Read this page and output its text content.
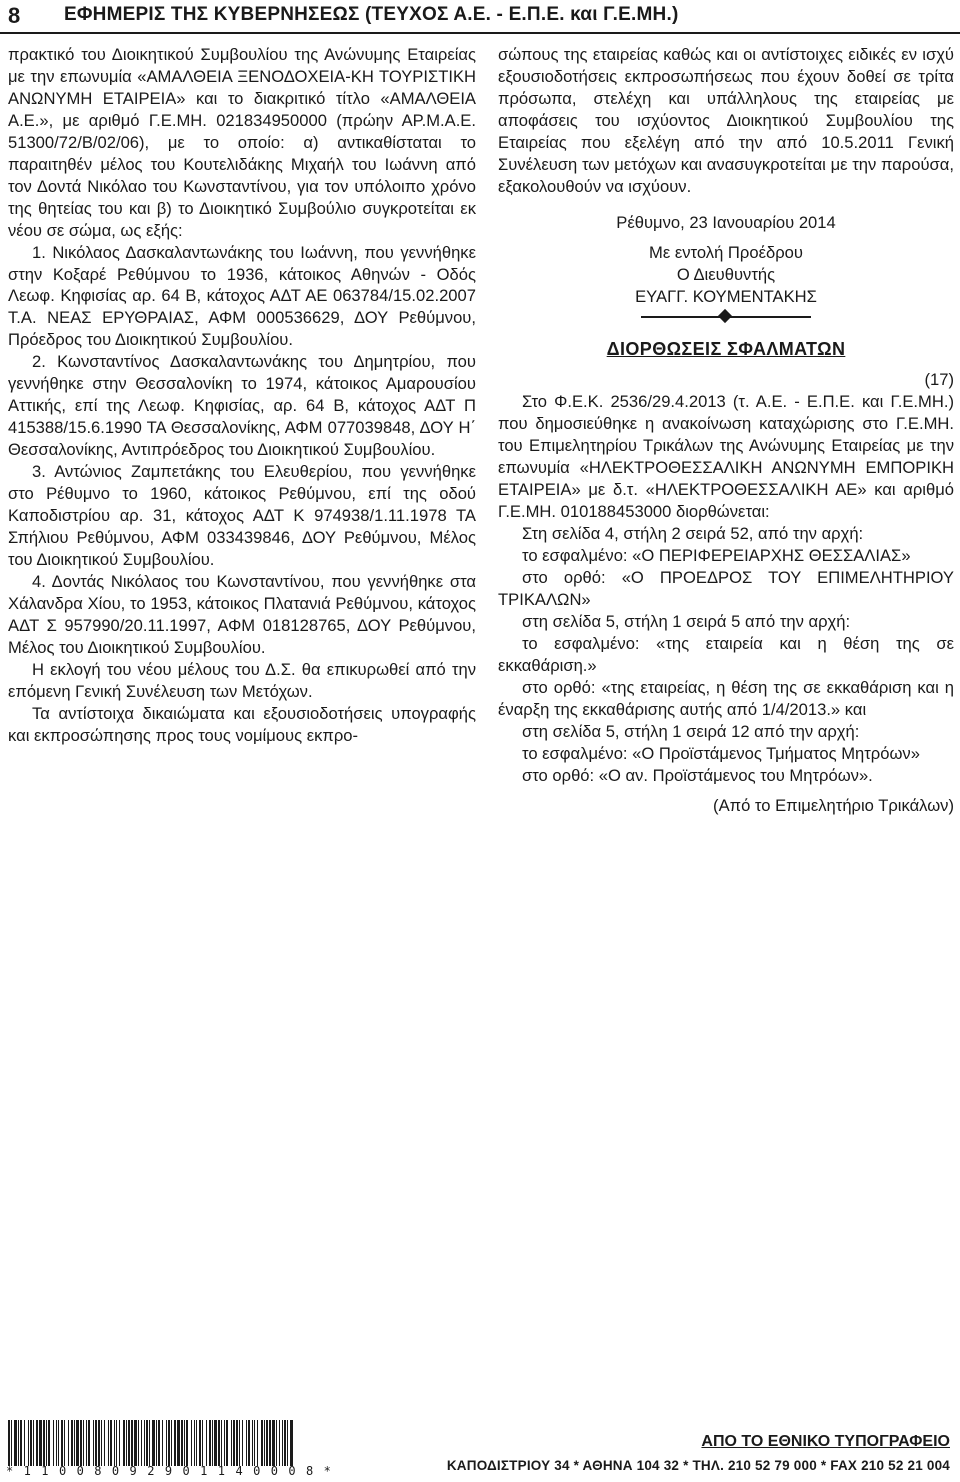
8 ΕΦΗΜΕΡΙΣ ΤΗΣ ΚΥΒΕΡΝΗΣΕΩΣ (ΤΕΥΧΟΣ Α.Ε. - Ε.Π.Ε. και Γ.Ε.ΜΗ.)

πρακτικό του Διοικητικού Συμβουλίου της Ανώνυμης Εταιρείας με την επωνυμία «ΑΜΑΛΘΕΙΑ ΞΕΝΟΔΟΧΕΙΑ-ΚΗ ΤΟΥΡΙΣΤΙΚΗ ΑΝΩΝΥΜΗ ΕΤΑΙΡΕΙΑ» και το διακριτικό τίτλο «ΑΜΑΛΘΕΙΑ Α.Ε.», με αριθμό Γ.Ε.ΜΗ. 021834950000 (πρώην ΑΡ.Μ.Α.Ε. 51300/72/Β/02/06), με το οποίο: α) αντικαθίσταται το παραιτηθέν μέλος του Κουτελιδάκης Μιχαήλ του Ιωάννη από τον Δοντά Νικόλαο του Κωνσταντίνου, για τον υπόλοιπο χρόνο της θητείας του και β) το Διοικητικό Συμβούλιο συγκροτείται εκ νέου σε σώμα, ως εξής:

1. Νικόλαος Δασκαλαντωνάκης του Ιωάννη, που γεννήθηκε στην Κοξαρέ Ρεθύμνου το 1936, κάτοικος Αθηνών - Οδός Λεωφ. Κηφισίας αρ. 64 Β, κάτοχος ΑΔΤ ΑΕ 063784/15.02.2007 Τ.Α. ΝΕΑΣ ΕΡΥΘΡΑΙΑΣ, ΑΦΜ 000536629, ΔΟΥ Ρεθύμνου, Πρόεδρος του Διοικητικού Συμβουλίου.

2. Κωνσταντίνος Δασκαλαντωνάκης του Δημητρίου, που γεννήθηκε στην Θεσσαλονίκη το 1974, κάτοικος Αμαρουσίου Αττικής, επί της Λεωφ. Κηφισίας, αρ. 64 Β, κάτοχος ΑΔΤ Π 415388/15.6.1990 ΤΑ Θεσσαλονίκης, ΑΦΜ 077039848, ΔΟΥ Η΄ Θεσσαλονίκης, Αντιπρόεδρος του Διοικητικού Συμβουλίου.

3. Αντώνιος Ζαμπετάκης του Ελευθερίου, που γεννήθηκε στο Ρέθυμνο το 1960, κάτοικος Ρεθύμνου, επί της οδού Καποδιστρίου αρ. 31, κάτοχος ΑΔΤ Κ 974938/1.11.1978 ΤΑ Σπήλιου Ρεθύμνου, ΑΦΜ 033439846, ΔΟΥ Ρεθύμνου, Μέλος του Διοικητικού Συμβουλίου.

4. Δοντάς Νικόλαος του Κωνσταντίνου, που γεννήθηκε στα Χάλανδρα Χίου, το 1953, κάτοικος Πλατανιά Ρεθύμνου, κάτοχος ΑΔΤ Σ 957990/20.11.1997, ΑΦΜ 018128765, ΔΟΥ Ρεθύμνου, Μέλος του Διοικητικού Συμβουλίου.

Η εκλογή του νέου μέλους του Δ.Σ. θα επικυρωθεί από την επόμενη Γενική Συνέλευση των Μετόχων.

Τα αντίστοιχα δικαιώματα και εξουσιοδοτήσεις υπογραφής και εκπροσώπησης προς τους νομίμους εκπρο-

σώπους της εταιρείας καθώς και οι αντίστοιχες ειδικές εν ισχύ εξουσιοδοτήσεις εκπροσωπήσεως που έχουν δοθεί σε τρίτα πρόσωπα, στελέχη και υπάλληλους της εταιρείας με αποφάσεις του ισχύοντος Διοικητικού Συμβουλίου της Εταιρείας που εξελέγη από την από 10.5.2011 Γενική Συνέλευση των μετόχων και ανασυγκροτείται με την παρούσα, εξακολουθούν να ισχύουν.

Ρέθυμνο, 23 Ιανουαρίου 2014

Με εντολή Προέδρου

Ο Διευθυντής

ΕΥΑΓΓ. ΚΟΥΜΕΝΤΑΚΗΣ

ΔΙΟΡΘΩΣΕΙΣ ΣΦΑΛΜΑΤΩΝ

(17)

Στο Φ.Ε.Κ. 2536/29.4.2013 (τ. Α.Ε. - Ε.Π.Ε. και Γ.Ε.ΜΗ.) που δημοσιεύθηκε η ανακοίνωση καταχώρισης στο Γ.Ε.ΜΗ. του Επιμελητηρίου Τρικάλων της Ανώνυμης Εταιρείας με την επωνυμία «ΗΛΕΚΤΡΟΘΕΣΣΑΛΙΚΗ ΑΝΩΝΥΜΗ ΕΜΠΟΡΙΚΗ ΕΤΑΙΡΕΙΑ» με δ.τ. «ΗΛΕΚΤΡΟΘΕΣΣΑΛΙΚΗ ΑΕ» και αριθμό Γ.Ε.ΜΗ. 010188453000 διορθώνεται:

Στη σελίδα 4, στήλη 2 σειρά 52, από την αρχή:

το εσφαλμένο: «Ο ΠΕΡΙΦΕΡΕΙΑΡΧΗΣ ΘΕΣΣΑΛΙΑΣ»

στο ορθό: «Ο ΠΡΟΕΔΡΟΣ ΤΟΥ ΕΠΙΜΕΛΗΤΗΡΙΟΥ ΤΡΙΚΑΛΩΝ»

στη σελίδα 5, στήλη 1 σειρά 5 από την αρχή:

το εσφαλμένο: «της εταιρεία και η θέση της σε εκκαθάριση.»

στο ορθό: «της εταιρείας, η θέση της σε εκκαθάριση και η έναρξη της εκκαθάρισης αυτής από 1/4/2013.» και

στη σελίδα 5, στήλη 1 σειρά 12 από την αρχή:

το εσφαλμένο: «Ο Προϊστάμενος Τμήματος Μητρόων»

στο ορθό: «Ο αν. Προϊστάμενος του Μητρόων».

(Από το Επιμελητήριο Τρικάλων)

* 1 1 0 0 8 0 9 2 9 0 1 1 4 0 0 0 8 *
ΑΠΟ ΤΟ ΕΘΝΙΚΟ ΤΥΠΟΓΡΑΦΕΙΟ
ΚΑΠΟΔΙΣΤΡΙΟΥ 34 * ΑΘΗΝΑ 104 32 * ΤΗΛ. 210 52 79 000 * FAX 210 52 21 004
